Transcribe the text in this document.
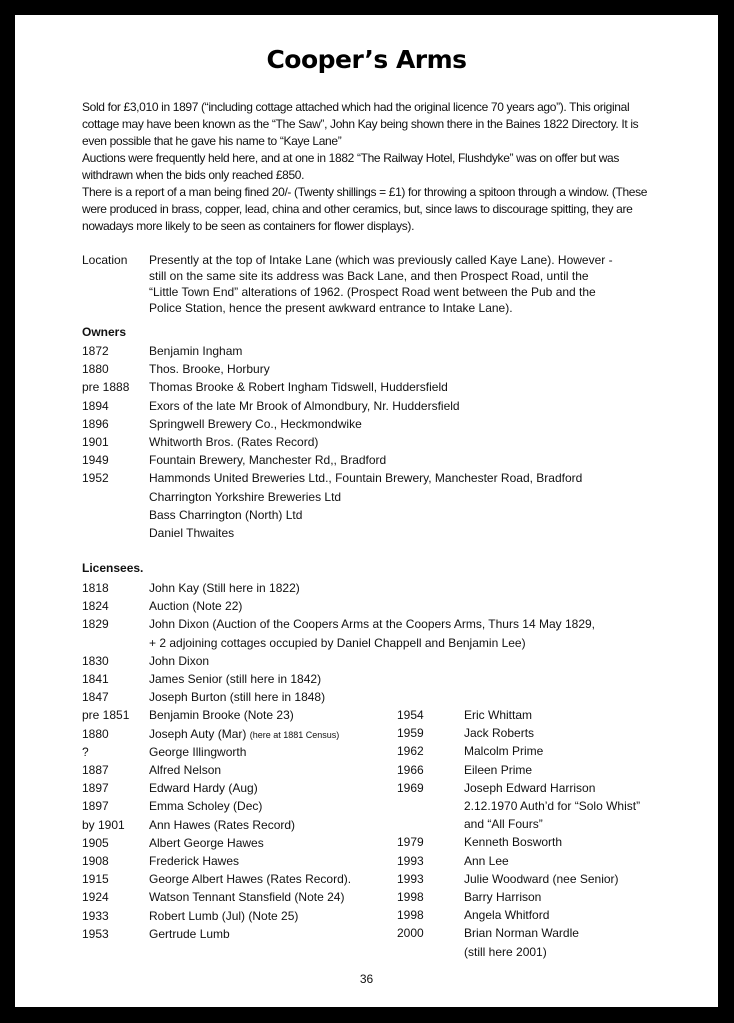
Cooper’s Arms

Sold for £3,010 in 1897 (“including cottage attached which had the original licence 70 years ago”). This original cottage may have been known as the “The Saw”, John Kay being shown there in the Baines 1822 Directory. It is even possible that he gave his name to “Kaye Lane”

Auctions were frequently held here, and at one in 1882 “The Railway Hotel, Flushdyke” was on offer but was withdrawn when the bids only reached £850.

There is a report of a man being fined 20/- (Twenty shillings = £1) for throwing a spitoon through a window. (These were produced in brass, copper, lead, china and other ceramics, but, since laws to discourage spitting, they are nowadays more likely to be seen as containers for flower displays).

Location	Presently at the top of Intake Lane (which was previously called Kaye Lane). However - still on the same site its address was Back Lane, and then Prospect Road, until the “Little Town End” alterations of 1962. (Prospect Road went between the Pub and the Police Station, hence the present awkward entrance to Intake Lane).
Owners
1872	Benjamin Ingham
1880	Thos. Brooke, Horbury
pre 1888 Thomas Brooke & Robert Ingham Tidswell, Huddersfield
1894	Exors of the late Mr Brook of Almondbury, Nr. Huddersfield
1896	Springwell Brewery Co., Heckmondwike
1901	Whitworth Bros. (Rates Record)
1949	Fountain Brewery, Manchester Rd,, Bradford
1952	Hammonds United Breweries Ltd., Fountain Brewery, Manchester Road, Bradford
Charrington Yorkshire Breweries Ltd
Bass Charrington (North) Ltd
Daniel Thwaites
Licensees.
1818	John Kay (Still here in 1822)
1824	Auction (Note 22)
1829	John Dixon (Auction of the Coopers Arms at the Coopers Arms, Thurs 14 May 1829,
+ 2 adjoining cottages occupied by Daniel Chappell and Benjamin Lee)
1830	John Dixon
1841	James Senior (still here in 1842)
1847	Joseph Burton (still here in 1848)
pre 1851 Benjamin Brooke (Note 23)
1880	Joseph Auty (Mar) (here at 1881 Census)
?	George Illingworth
1887	Alfred Nelson
1897	Edward Hardy (Aug)
1897	Emma Scholey (Dec)
by 1901 Ann Hawes (Rates Record)
1905	Albert George Hawes
1908	Frederick Hawes
1915	George Albert Hawes (Rates Record).
1924	Watson Tennant Stansfield (Note 24)
1933	Robert Lumb (Jul) (Note 25)
1953	Gertrude Lumb
1954	Eric Whittam
1959	Jack Roberts
1962	Malcolm Prime
1966	Eileen Prime
1969	Joseph Edward Harrison
2.12.1970 Auth’d for “Solo Whist”
and “All Fours”
1979	Kenneth Bosworth
1993	Ann Lee
1993	Julie Woodward (nee Senior)
1998	Barry Harrison
1998	Angela Whitford
2000	Brian Norman Wardle
(still here 2001)
36
